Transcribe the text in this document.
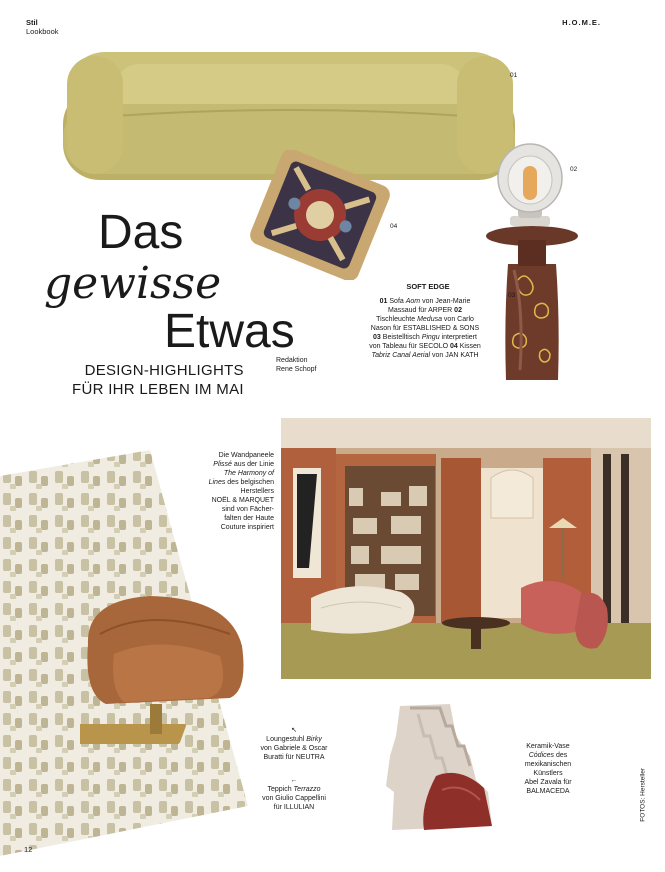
Stil
Lookbook
H.O.M.E.
01
04
02
03
Das
gewisse
Etwas
DESIGN-HIGHLIGHTS
FÜR IHR LEBEN IM MAI
Redaktion
Rene Schopf
SOFT EDGE
01 Sofa Aom von Jean-Marie Massaud für ARPER 02 Tischleuchte Medusa von Carlo Nason für ESTABLISHED & SONS 03 Beistelltisch Pingu interpretiert von Tableau für SECOLO 04 Kissen Tabriz Canal Aerial von JAN KATH
Die Wandpaneele
Plissé aus der Linie
The Harmony of
Lines des belgischen
Herstellers
NOËL & MARQUET
sind von Fächer-
falten der Haute
Couture inspiriert
↖
Loungestuhl Birky
von Gabriele & Oscar
Buratti für NEUTRA
←
Teppich Terrazzo
von Giulio Cappellini
für ILLULIAN
Keramik-Vase
Códices des
mexikanischen
Künstlers
Abel Zavala für
BALMACEDA
12
FOTOS: Hersteller
